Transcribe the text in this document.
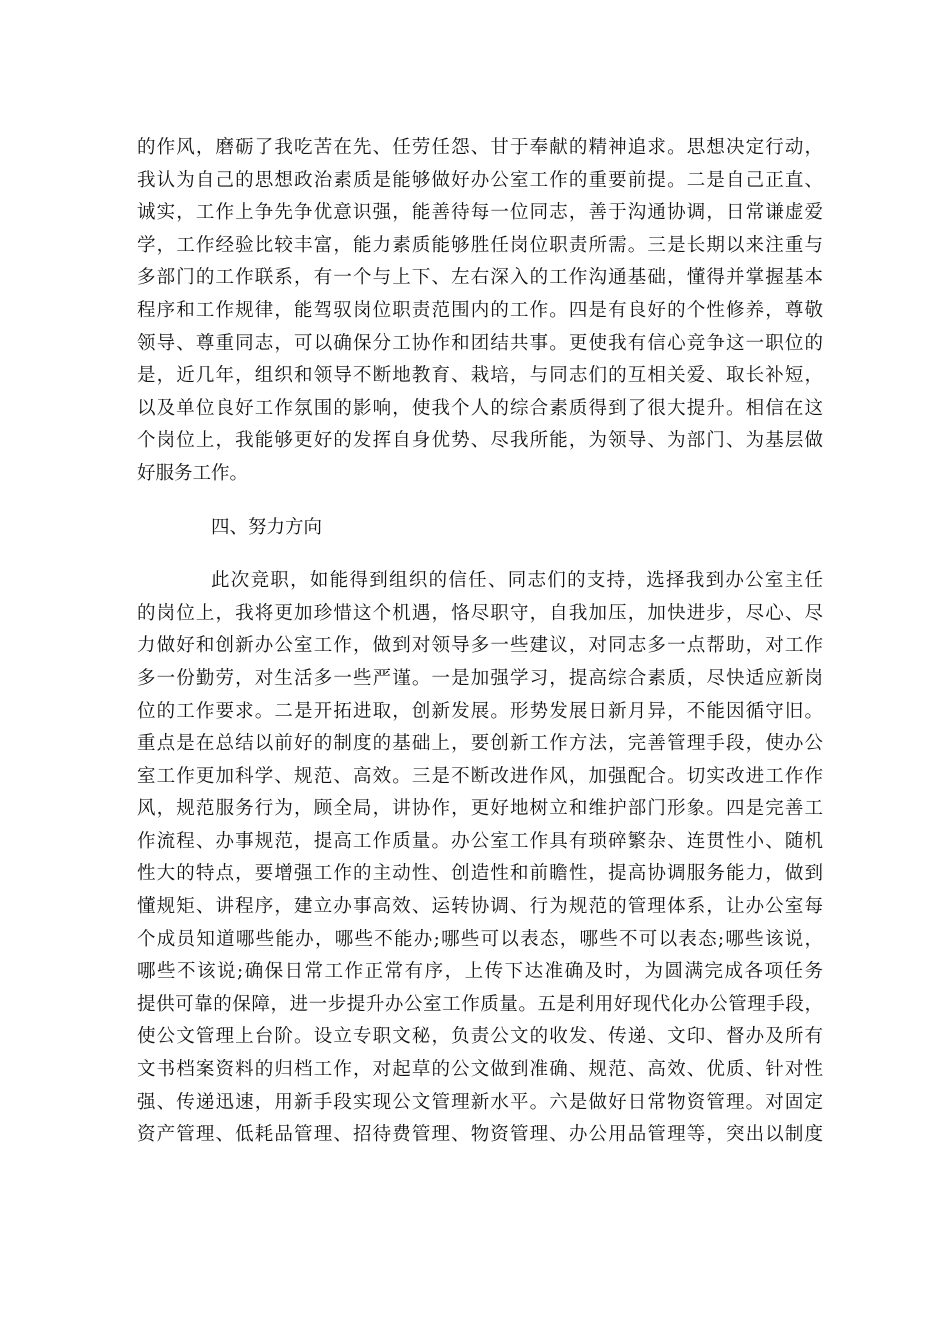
的作风，磨砺了我吃苦在先、任劳任怨、甘于奉献的精神追求。思想决定行动，
我认为自己的思想政治素质是能够做好办公室工作的重要前提。二是自己正直、
诚实，工作上争先争优意识强，能善待每一位同志，善于沟通协调，日常谦虚爱
学，工作经验比较丰富，能力素质能够胜任岗位职责所需。三是长期以来注重与
多部门的工作联系，有一个与上下、左右深入的工作沟通基础，懂得并掌握基本
程序和工作规律，能驾驭岗位职责范围内的工作。四是有良好的个性修养，尊敬
领导、尊重同志，可以确保分工协作和团结共事。更使我有信心竞争这一职位的
是，近几年，组织和领导不断地教育、栽培，与同志们的互相关爱、取长补短，
以及单位良好工作氛围的影响，使我个人的综合素质得到了很大提升。相信在这
个岗位上，我能够更好的发挥自身优势、尽我所能，为领导、为部门、为基层做
好服务工作。
四、努力方向
此次竞职，如能得到组织的信任、同志们的支持，选择我到办公室主任
的岗位上，我将更加珍惜这个机遇，恪尽职守，自我加压，加快进步，尽心、尽
力做好和创新办公室工作，做到对领导多一些建议，对同志多一点帮助，对工作
多一份勤劳，对生活多一些严谨。一是加强学习，提高综合素质，尽快适应新岗
位的工作要求。二是开拓进取，创新发展。形势发展日新月异，不能因循守旧。
重点是在总结以前好的制度的基础上，要创新工作方法，完善管理手段，使办公
室工作更加科学、规范、高效。三是不断改进作风，加强配合。切实改进工作作
风，规范服务行为，顾全局，讲协作，更好地树立和维护部门形象。四是完善工
作流程、办事规范，提高工作质量。办公室工作具有琐碎繁杂、连贯性小、随机
性大的特点，要增强工作的主动性、创造性和前瞻性，提高协调服务能力，做到
懂规矩、讲程序，建立办事高效、运转协调、行为规范的管理体系，让办公室每
个成员知道哪些能办，哪些不能办;哪些可以表态，哪些不可以表态;哪些该说，
哪些不该说;确保日常工作正常有序，上传下达准确及时，为圆满完成各项任务
提供可靠的保障，进一步提升办公室工作质量。五是利用好现代化办公管理手段，
使公文管理上台阶。设立专职文秘，负责公文的收发、传递、文印、督办及所有
文书档案资料的归档工作，对起草的公文做到准确、规范、高效、优质、针对性
强、传递迅速，用新手段实现公文管理新水平。六是做好日常物资管理。对固定
资产管理、低耗品管理、招待费管理、物资管理、办公用品管理等，突出以制度
